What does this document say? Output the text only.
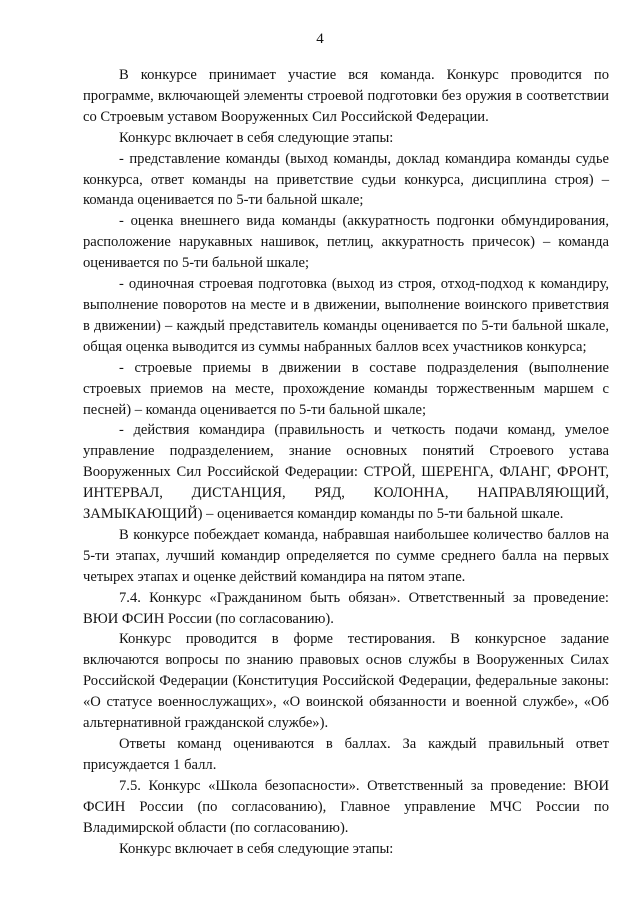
4

В конкурсе принимает участие вся команда. Конкурс проводится по программе, включающей элементы строевой подготовки без оружия в соответствии со Строевым уставом Вооруженных Сил Российской Федерации.

Конкурс включает в себя следующие этапы:

- представление команды (выход команды, доклад командира команды судье конкурса, ответ команды на приветствие судьи конкурса, дисциплина строя) – команда оценивается по 5-ти бальной шкале;

- оценка внешнего вида команды (аккуратность подгонки обмундирования, расположение нарукавных нашивок, петлиц, аккуратность причесок) – команда оценивается по 5-ти бальной шкале;

- одиночная строевая подготовка (выход из строя, отход-подход к командиру, выполнение поворотов на месте и в движении, выполнение воинского приветствия в движении) – каждый представитель команды оценивается по 5-ти бальной шкале, общая оценка выводится из суммы набранных баллов всех участников конкурса;

- строевые приемы в движении в составе подразделения (выполнение строевых приемов на месте, прохождение команды торжественным маршем с песней) – команда оценивается по 5-ти бальной шкале;

- действия командира (правильность и четкость подачи команд, умелое управление подразделением, знание основных понятий Строевого устава Вооруженных Сил Российской Федерации: СТРОЙ, ШЕРЕНГА, ФЛАНГ, ФРОНТ, ИНТЕРВАЛ, ДИСТАНЦИЯ, РЯД, КОЛОННА, НАПРАВЛЯЮЩИЙ, ЗАМЫКАЮЩИЙ) – оценивается командир команды по 5-ти бальной шкале.

В конкурсе побеждает команда, набравшая наибольшее количество баллов на 5-ти этапах, лучший командир определяется по сумме среднего балла на первых четырех этапах и оценке действий командира на пятом этапе.

7.4. Конкурс «Гражданином быть обязан». Ответственный за проведение: ВЮИ ФСИН России (по согласованию).

Конкурс проводится в форме тестирования. В конкурсное задание включаются вопросы по знанию правовых основ службы в Вооруженных Силах Российской Федерации (Конституция Российской Федерации, федеральные законы: «О статусе военнослужащих», «О воинской обязанности и военной службе», «Об альтернативной гражданской службе»).

Ответы команд оцениваются в баллах. За каждый правильный ответ присуждается 1 балл.

7.5. Конкурс «Школа безопасности». Ответственный за проведение: ВЮИ ФСИН России (по согласованию), Главное управление МЧС России по Владимирской области (по согласованию).

Конкурс включает в себя следующие этапы:
